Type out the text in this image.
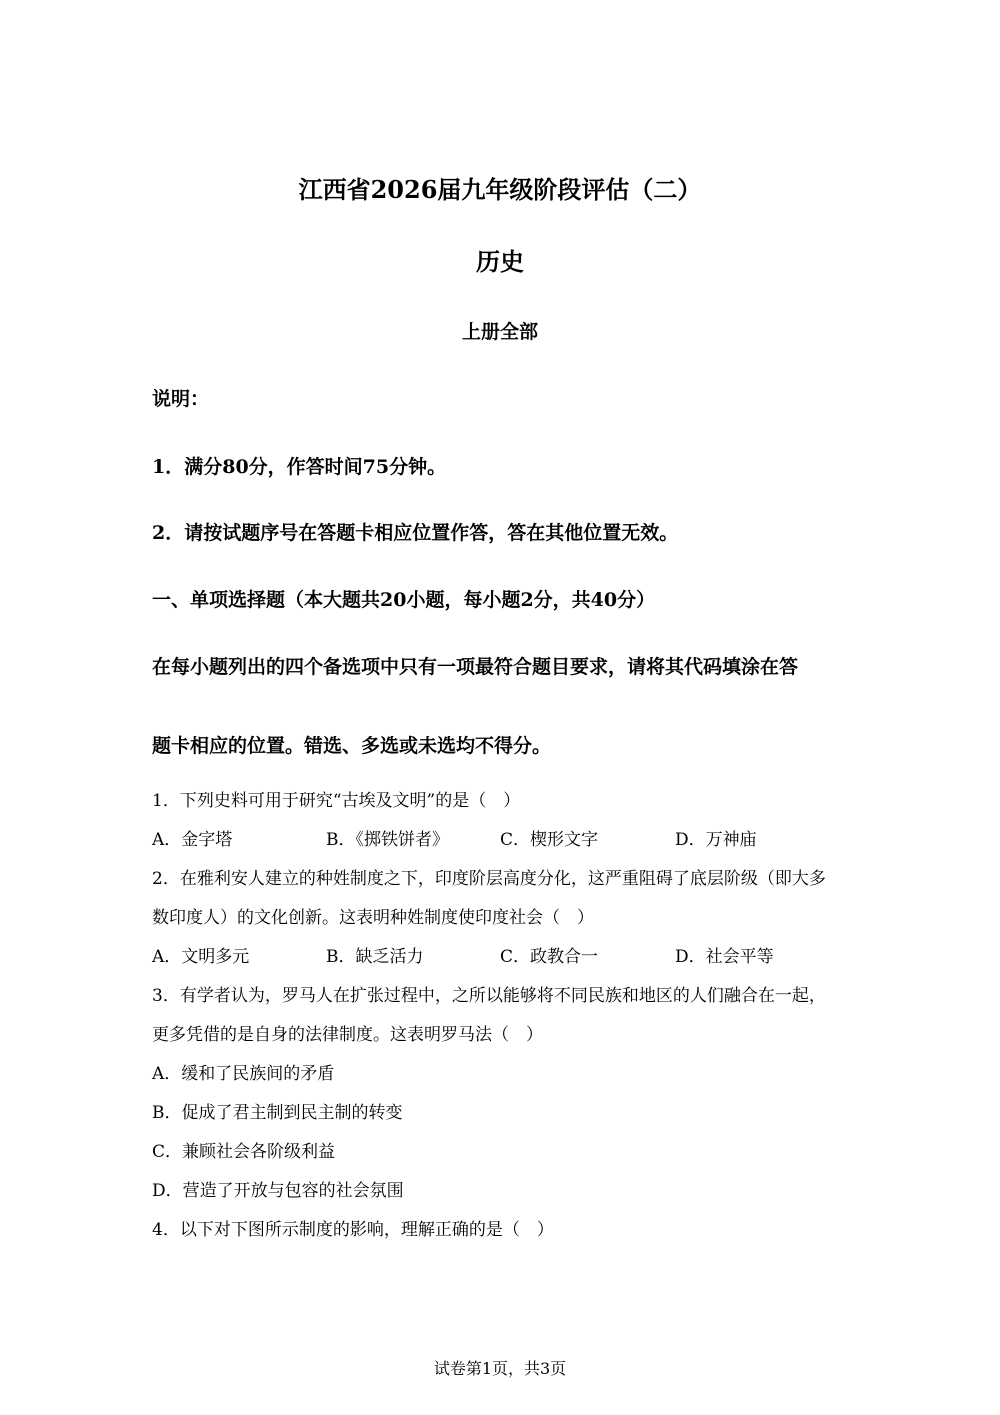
江西省2026届九年级阶段评估（二）
历史
上册全部
说明：
1．满分80分，作答时间75分钟。
2．请按试题序号在答题卡相应位置作答，答在其他位置无效。
一、单项选择题（本大题共20小题，每小题2分，共40分）
在每小题列出的四个备选项中只有一项最符合题目要求，请将其代码填涂在答
题卡相应的位置。错选、多选或未选均不得分。
1．下列史料可用于研究“古埃及文明”的是（　）
A．金字塔	B．《掷铁饼者》	C．楔形文字	D．万神庙
2．在雅利安人建立的种姓制度之下，印度阶层高度分化，这严重阻碍了底层阶级（即大多
数印度人）的文化创新。这表明种姓制度使印度社会（　）
A．文明多元	B．缺乏活力	C．政教合一	D．社会平等
3．有学者认为，罗马人在扩张过程中，之所以能够将不同民族和地区的人们融合在一起，
更多凭借的是自身的法律制度。这表明罗马法（　）
A．缓和了民族间的矛盾
B．促成了君主制到民主制的转变
C．兼顾社会各阶级利益
D．营造了开放与包容的社会氛围
4．以下对下图所示制度的影响，理解正确的是（　）
试卷第1页，共3页
